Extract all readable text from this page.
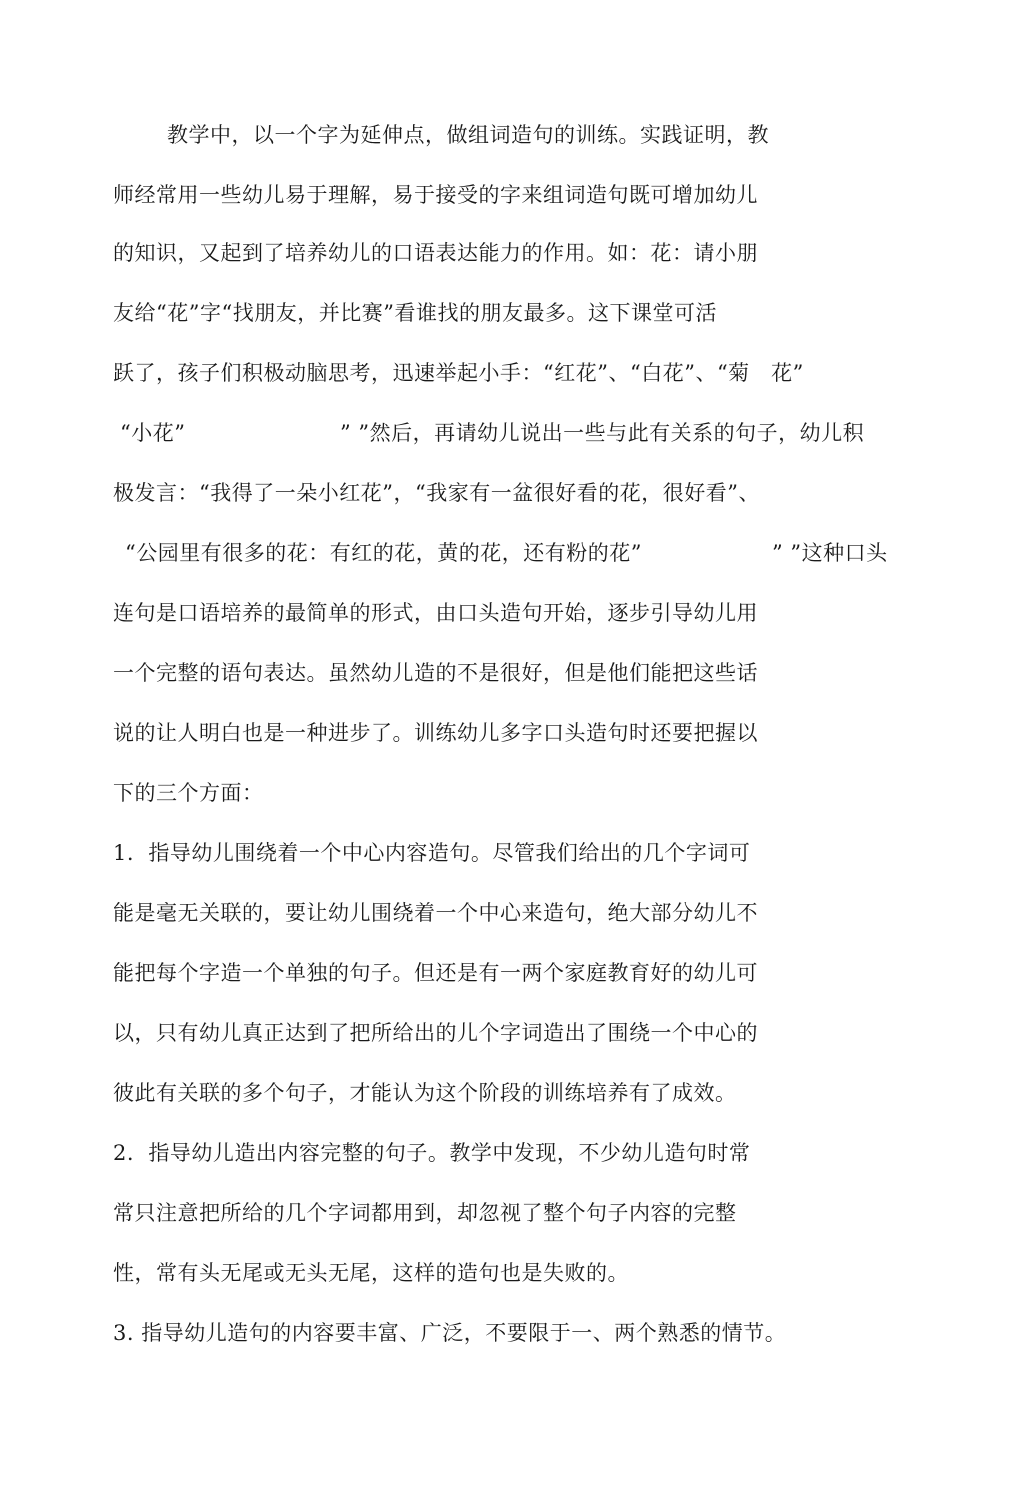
教学中，以一个字为延伸点，做组词造句的训练。实践证明，教
师经常用一些幼儿易于理解，易于接受的字来组词造句既可增加幼儿
的知识，又起到了培养幼儿的口语表达能力的作用。如：花：请小朋
友给“花”字“找朋友，并比赛”看谁找的朋友最多。这下课堂可活
跃了，孩子们积极动脑思考，迅速举起小手：“红花”、“白花”、“菊　花”
“小花”	” ”然后，再请幼儿说出一些与此有关系的句子，幼儿积
极发言：“我得了一朵小红花”，“我家有一盆很好看的花，很好看”、
“公园里有很多的花：有红的花，黄的花，还有粉的花”	” ”这种口头
连句是口语培养的最简单的形式，由口头造句开始，逐步引导幼儿用
一个完整的语句表达。虽然幼儿造的不是很好，但是他们能把这些话
说的让人明白也是一种进步了。训练幼儿多字口头造句时还要把握以
下的三个方面：
1.  指导幼儿围绕着一个中心内容造句。尽管我们给出的几个字词可
能是毫无关联的，要让幼儿围绕着一个中心来造句，绝大部分幼儿不
能把每个字造一个单独的句子。但还是有一两个家庭教育好的幼儿可
以，只有幼儿真正达到了把所给出的儿个字词造出了围绕一个中心的
彼此有关联的多个句子，才能认为这个阶段的训练培养有了成效。
2.  指导幼儿造出内容完整的句子。教学中发现，不少幼儿造句时常
常只注意把所给的几个字词都用到，却忽视了整个句子内容的完整
性，常有头无尾或无头无尾，这样的造句也是失败的。
3. 指导幼儿造句的内容要丰富、广泛，不要限于一、两个熟悉的情节。
